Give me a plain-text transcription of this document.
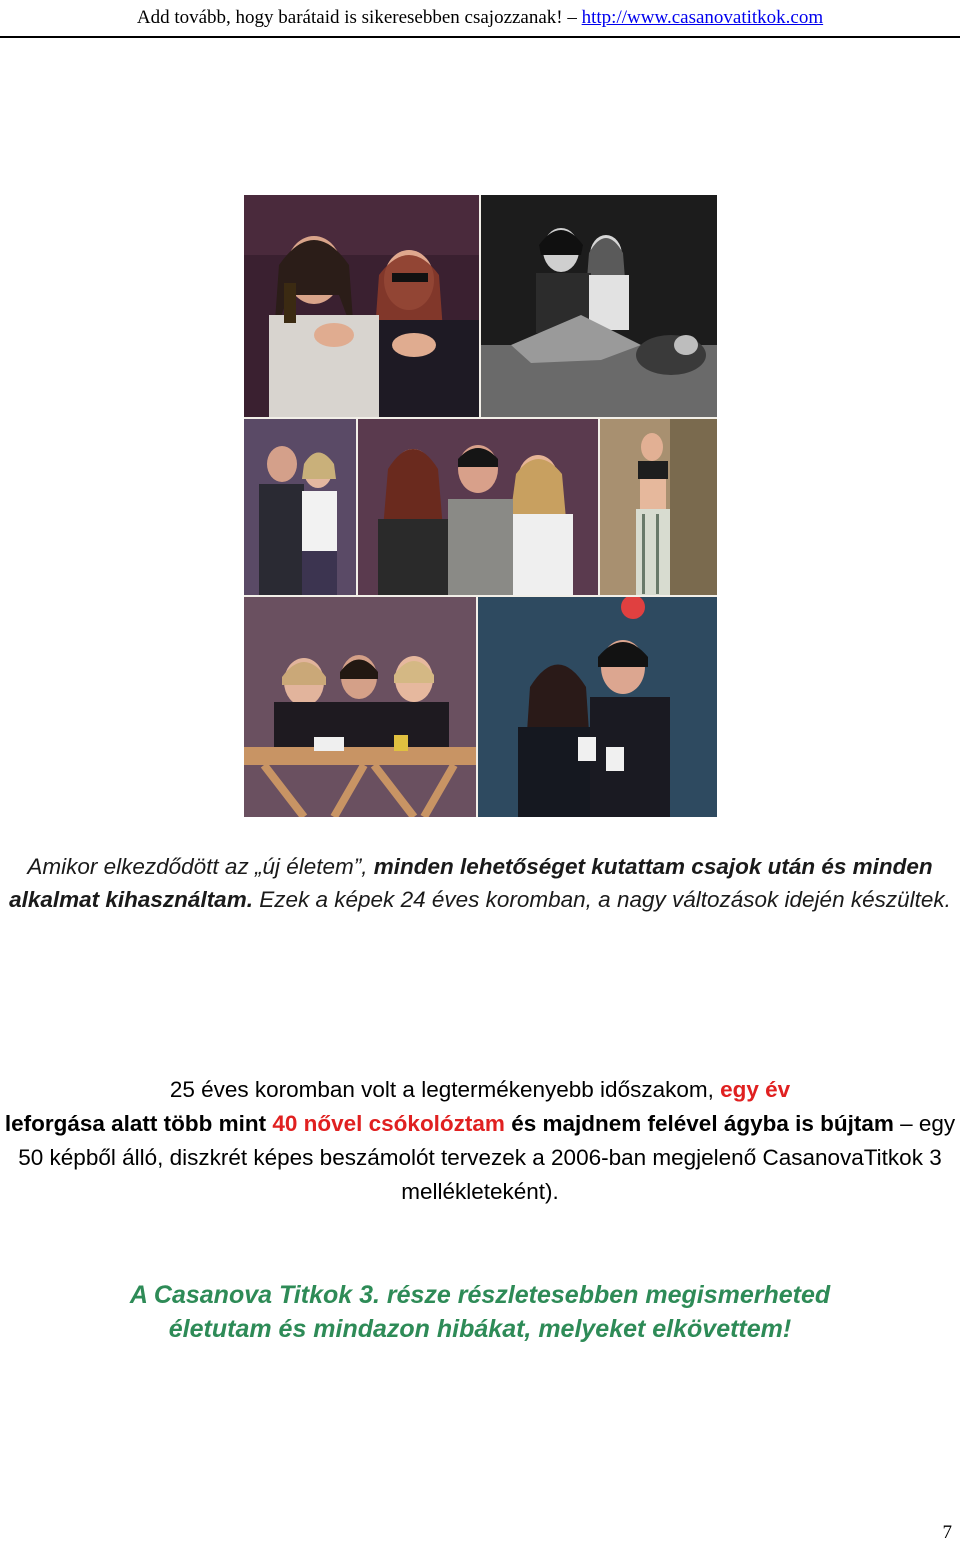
Add tovább, hogy barátaid is sikeresebben csajozzanak! – http://www.casanovatitkok.com
Amikor elkezdődött az „új életem”, minden lehetőséget kutattam csajok után és minden alkalmat kihasználtam. Ezek a képek 24 éves koromban, a nagy változások idején készültek.
25 éves koromban volt a legtermékenyebb időszakom, egy év
leforgása alatt több mint 40 nővel csókolóztam és majdnem felével ágyba is bújtam – egy 50 képből álló, diszkrét képes beszámolót tervezek a 2006-ban megjelenő CasanovaTitkok 3 mellékleteként).
A Casanova Titkok 3. része részletesebben megismerheted
életutam és mindazon hibákat, melyeket elkövettem!
7
